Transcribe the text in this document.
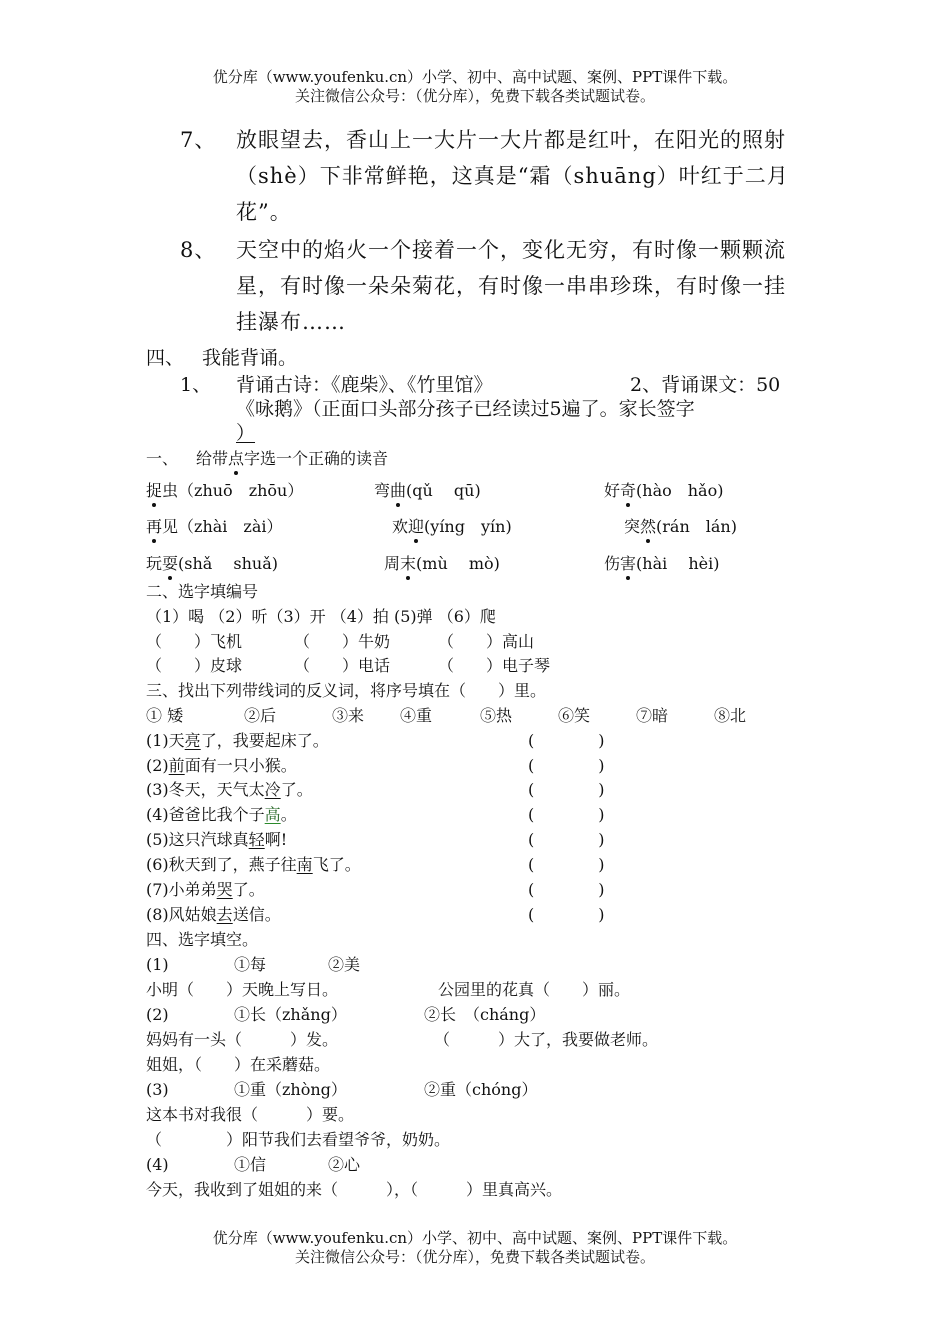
优分库（www.youfenku.cn）小学、初中、高中试题、案例、PPT课件下载。
关注微信公众号：（优分库），免费下载各类试题试卷。
7、 放眼望去，香山上一大片一大片都是红叶，在阳光的照射
（shè）下非常鲜艳，这真是“霜（shuāng）叶红于二月
花”。
8、 天空中的焰火一个接着一个，变化无穷，有时像一颗颗流
星，有时像一朵朵菊花，有时像一串串珍珠，有时像一挂
挂瀑布……
四、 我能背诵。
1、 背诵古诗：《鹿柴》、《竹里馆》	2、背诵课文：50
《咏鹅》（正面口头部分孩子已经读过5遍了。家长签字
）
一、 给带点字选一个正确的读音
捉虫（zhuō　zhōu）	弯曲(qǔ　 qū)	好奇(hào　hǎo)
再见（zhài　zài）	欢迎(yíng　yín)	突然(rán　lán)
玩耍(shǎ　 shuǎ)	周末(mù　 mò)	伤害(hài　 hèi)
二、选字填编号
（1）喝 （2）听（3）开 （4）拍 (5)弹 （6）爬
（　　）飞机	（　　）牛奶	（　　）高山
（　　）皮球	（　　）电话	（　　）电子琴
三、找出下列带线词的反义词，将序号填在（　　）里。
① 矮	②后	③来 ④重	⑤热	⑥笑	⑦暗	⑧北
(1)天亮了，我要起床了。	(　　　　)
(2)前面有一只小猴。	(　　　　)
(3)冬天，天气太冷了。	(　　　　)
(4)爸爸比我个子高。	(　　　　)
(5)这只汽球真轻啊!	(　　　　)
(6)秋天到了，燕子往南飞了。	(　　　　)
(7)小弟弟哭了。	(　　　　)
(8)风姑娘去送信。	(　　　　)
四、选字填空。
(1)	①每	②美
小明（　　）天晚上写日。	公园里的花真（　　）丽。
(2)	①长（zhǎng）	②长　（cháng）
妈妈有一头（　　　）发。	（　　　）大了，我要做老师。
姐姐，（　　）在采蘑菇。
(3)	①重（zhòng）	②重（chóng）
这本书对我很（　　　）要。
（　　　　）阳节我们去看望爷爷，奶奶。
(4)	①信	②心
今天，我收到了姐姐的来（　　　），（　　　）里真高兴。
优分库（www.youfenku.cn）小学、初中、高中试题、案例、PPT课件下载。
关注微信公众号：（优分库），免费下载各类试题试卷。
